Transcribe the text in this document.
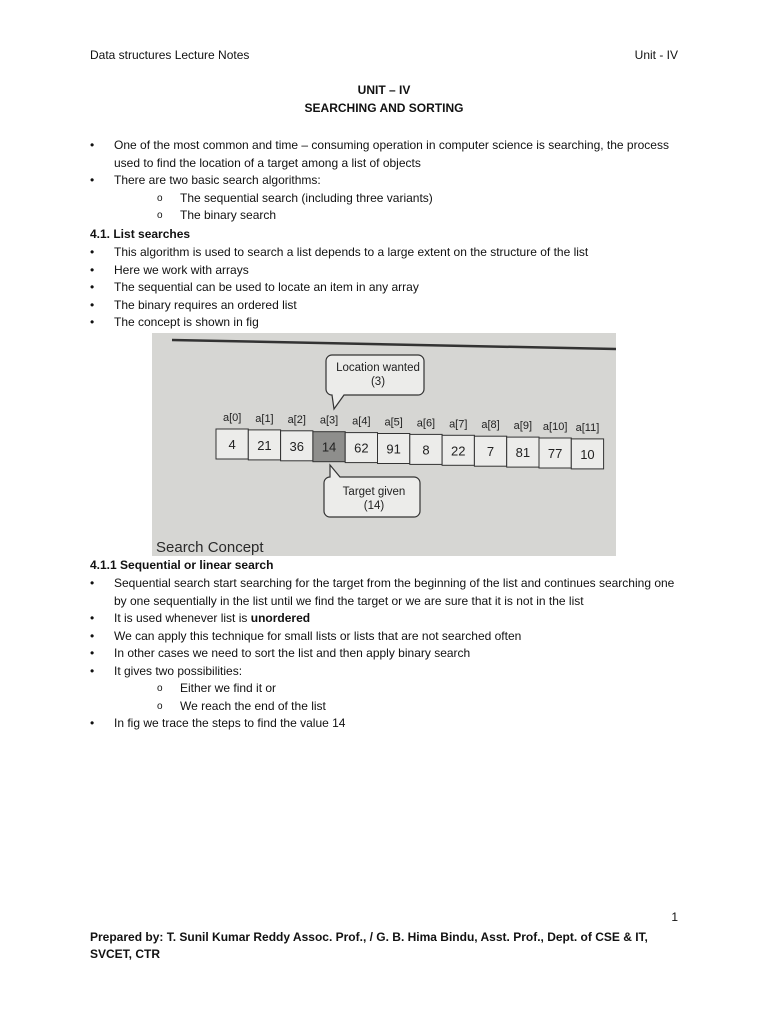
Data structures Lecture Notes	Unit - IV
UNIT – IV
SEARCHING AND SORTING
• One of the most common and time – consuming operation in computer science is searching, the process used to find the location of a target among a list of objects
• There are two basic search algorithms:
o The sequential search (including three variants)
o The binary search
4.1. List searches
• This algorithm is used to search a list depends to a large extent on the structure of the list
• Here we work with arrays
• The sequential can be used to locate an item in any array
• The binary requires an ordered list
• The concept is shown in fig
Location wanted
(3)
a[0] a[1] a[2] a[3] a[4] a[5] a[6] a[7] a[8] a[9] a[10] a[11]
4 21 36 14 62 91 8 22 7 81 77 10
Target given
(14)
Search Concept
4.1.1 Sequential or linear search
• Sequential search start searching for the target from the beginning of the list and continues searching one by one sequentially in the list until we find the target or we are sure that it is not in the list
• It is used whenever list is unordered
• We can apply this technique for small lists or lists that are not searched often
• In other cases we need to sort the list and then apply binary search
• It gives two possibilities:
o Either we find it or
o We reach the end of the list
• In fig we trace the steps to find the value 14
1
Prepared by: T. Sunil Kumar Reddy Assoc. Prof., / G. B. Hima Bindu, Asst. Prof., Dept. of CSE & IT, SVCET, CTR
